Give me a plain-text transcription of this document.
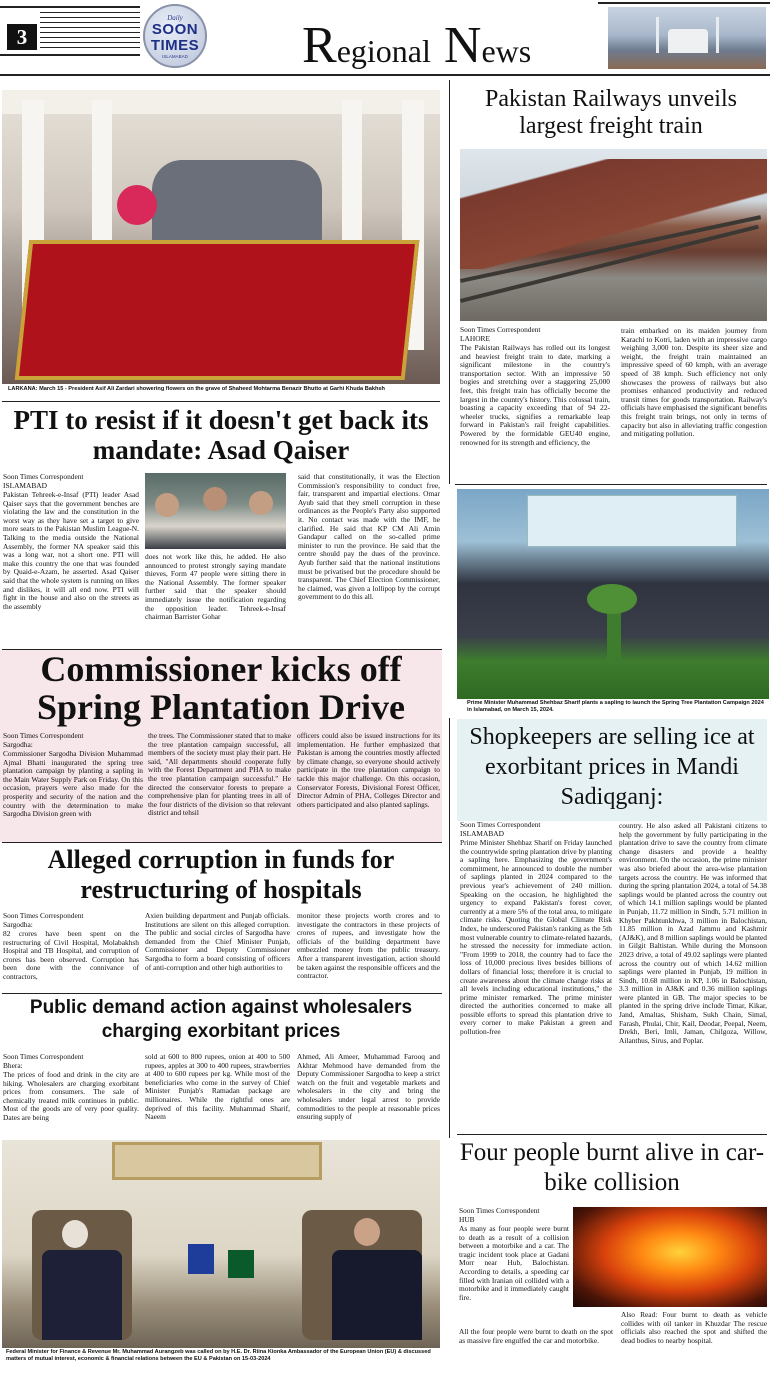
3
Daily
SOON
TIMES
ISLAMABAD	Regional News
LARKANA: March 15 - President Asif Ali Zardari showering flowers on the grave of Shaheed Mohtarma Benazir Bhutto at Garhi Khuda Bakhsh
Pakistan Railways unveils largest freight train
Soon Times Correspondent
LAHORE
The Pakistan Railways has rolled out its longest and heaviest freight train to date, marking a significant milestone in the country's transportation sector. With an impressive 50 bogies and stretching over a staggering 25,000 feet, this freight train has officially become the largest in the country's history. This colossal train, boasting a capacity exceeding that of 94 22-wheeler trucks, signifies a remarkable leap forward in Pakistan's rail freight capabilities. Powered by the formidable GEU40 engine, renowned for its strength and efficiency, the
train embarked on its maiden journey from Karachi to Kotri, laden with an impressive cargo weighing 3,000 ton. Despite its sheer size and weight, the freight train maintained an impressive speed of 60 kmph, with an average speed of 38 kmph. Such efficiency not only showcases the prowess of railways but also promises enhanced productivity and reduced transit times for goods transportation. Railway's officials have emphasised the significant benefits this freight train brings, not only in terms of capacity but also in alleviating traffic congestion and mitigating pollution.
PTI to resist if it doesn't get back its mandate: Asad Qaiser
Soon Times Correspondent
ISLAMABAD
Pakistan Tehreek-e-Insaf (PTI) leader Asad Qaiser says that the government benches are violating the law and the constitution in the worst way as they have set a target to give more seats to the Pakistan Muslim League-N. Talking to the media outside the National Assembly, the former NA speaker said this was a long war, not a short one. PTI will make this country the one that was founded by Quaid-e-Azam, he asserted. Asad Qaiser said that the whole system is running on likes and dislikes, it will all end now. PTI will fight in the house and also on the streets as the assembly
does not work like this, he added. He also announced to protest strongly saying mandate thieves, Form 47 people were sitting there in the National Assembly. The former speaker further said that the speaker should immediately issue the notification regarding the opposition leader. Tehreek-e-Insaf chairman Barrister Gohar
said that constitutionally, it was the Election Commission's responsibility to conduct free, fair, transparent and impartial elections. Omar Ayub said that they smell corruption in these ordinances as the People's Party also supported it. No contact was made with the IMF, he clarified. He said that KP CM Ali Amin Gandapur called on the so-called prime minister to run the province. He said that the centre should pay the dues of the province. Ayub further said that the national institutions must be privatised but the procedure should be transparent. The Chief Election Commissioner, he claimed, was given a lollipop by the corrupt government to do this all.
Prime Minister Muhammad Shehbaz Sharif plants a sapling to launch the Spring Tree Plantation Campaign 2024 in Islamabad, on March 15, 2024.
Commissioner kicks off Spring Plantation Drive
Soon Times Correspondent
Sargodha:
Commissioner Sargodha Division Muhammad Ajmal Bhatti inaugurated the spring tree plantation campaign by planting a sapling in the Main Water Supply Park on Friday. On this occasion, prayers were also made for the prosperity and security of the nation and the country with the determination to make Sargodha Division green with
the trees. The Commissioner stated that to make the tree plantation campaign successful, all members of the society must play their part. He said, "All departments should cooperate fully with the Forest Department and PHA to make the tree plantation campaign successful." He directed the conservator forests to prepare a comprehensive plan for planting trees in all of the four districts of the division so that relevant district and tehsil
officers could also be issued instructions for its implementation. He further emphasized that Pakistan is among the countries mostly affected by climate change, so everyone should actively participate in the tree plantation campaign to tackle this major challenge. On this occasion, Conservator Forests, Divisional Forest Officer, Director Admin of PHA, Colleges Director and others participated and also planted saplings.
Shopkeepers are selling ice at exorbitant prices in Mandi Sadiqganj:
Soon Times Correspondent
ISLAMABAD
Prime Minister Shehbaz Sharif on Friday launched the countrywide spring plantation drive by planting a sapling here. Emphasizing the government's commitment, he announced to double the number of saplings planted in 2024 compared to the previous year's achievement of 240 million. Speaking on the occasion, he highlighted the urgency to expand Pakistan's forest cover, currently at a mere 5% of the total area, to mitigate climate risks. Quoting the Global Climate Risk Index, he underscored Pakistan's ranking as the 5th most vulnerable country to climate-related hazards, he stressed the necessity for immediate action. "From 1999 to 2018, the country had to face the loss of 10,000 precious lives besides billions of dollars of financial loss; therefore it is crucial to create awareness about the climate change risks at all levels including educational institutions," the prime minister remarked. The prime minister directed the authorities concerned to make all possible efforts to spread this plantation drive to every corner to make Pakistan a green and pollution-free
country. He also asked all Pakistani citizens to help the government by fully participating in the plantation drive to save the country from climate change disasters and provide a healthy environment. On the occasion, the prime minister was also briefed about the area-wise plantation targets across the country. He was informed that during the spring plantation 2024, a total of 54.38 saplings would be planted across the country out of which 14.1 million saplings would be planted in Punjab, 11.72 million in Sindh, 5.71 million in Khyber Pakhtunkhwa, 3 million in Balochistan, 11.85 million in Azad Jammu and Kashmir (AJ&K), and 8 million saplings would be planted in Gilgit Baltistan. While during the Monsoon 2023 drive, a total of 49.02 saplings were planted across the country out of which 14.62 million saplings were planted in Punjab, 19 million in Sindh, 10.68 million in KP, 1.06 in Balochistan, 3.3 million in AJ&K and 0.36 million saplings were planted in GB. The major species to be planted in the spring drive include Timar, Kikar, Jand, Amaltas, Shisham, Sukh Chain, Simal, Farash, Phulai, Chir, Kail, Deodar, Peepal, Neem, Drekh, Beri, Imli, Jaman, Chilgoza, Willow, Ailanthus, Sirus, and Poplar.
Alleged corruption in funds for restructuring of hospitals
Soon Times Correspondent
Sargodha:
82 crores have been spent on the restructuring of Civil Hospital, Molabakhsh Hospital and TB Hospital, and corruption of crores has been observed. Corruption has been done with the connivance of contractors,
Axien building department and Punjab officials. Institutions are silent on this alleged corruption. The public and social circles of Sargodha have demanded from the Chief Minister Punjab, Commissioner and Deputy Commissioner Sargodha to form a board consisting of officers of anti-corruption and other high authorities to
monitor these projects worth crores and to investigate the contractors in these projects of crores of rupees, and investigate how the officials of the building department have embezzled money from the public treasury. After a transparent investigation, action should be taken against the responsible officers and the contractor.
Public demand action against wholesalers charging exorbitant prices
Soon Times Correspondent
Bhera:
The prices of food and drink in the city are hiking. Wholesalers are charging exorbitant prices from consumers. The sale of chemically treated milk continues in public. Most of the goods are of very poor quality. Dates are being
sold at 600 to 800 rupees, onion at 400 to 500 rupees, apples at 300 to 400 rupees, strawberries at 400 to 600 rupees per kg. While most of the beneficiaries who come in the survey of Chief Minister Punjab's Ramadan package are millionaires. While the rightful ones are deprived of this facility. Muhammad Sharif, Naeem
Ahmed, Ali Ameer, Muhammad Farooq and Akhtar Mehmood have demanded from the Deputy Commissioner Sargodha to keep a strict watch on the fruit and vegetable markets and wholesalers in the city and bring the wholesalers under legal arrest to provide commodities to the people at reasonable prices ensuring supply of
Federal Minister for Finance & Revenue Mr. Muhammad Aurangzeb was called on by H.E. Dr. Riina Kionka Ambassador of the European Union (EU) & discussed matters of mutual interest, economic & financial relations between the EU & Pakistan on 15-03-2024
Four people burnt alive in car-bike collision
Soon Times Correspondent
HUB
As many as four people were burnt to death as a result of a collision between a motorbike and a car. The tragic incident took place at Gadani Morr near Hub, Balochistan. According to details, a speeding car filled with Iranian oil collided with a motorbike and it immediately caught fire.
All the four people were burnt to death on the spot as massive fire engulfed the car and motorbike.
Also Read: Four burnt to death as vehicle collides with oil tanker in Khuzdar The rescue officials also reached the spot and shifted the dead bodies to nearby hospital.
